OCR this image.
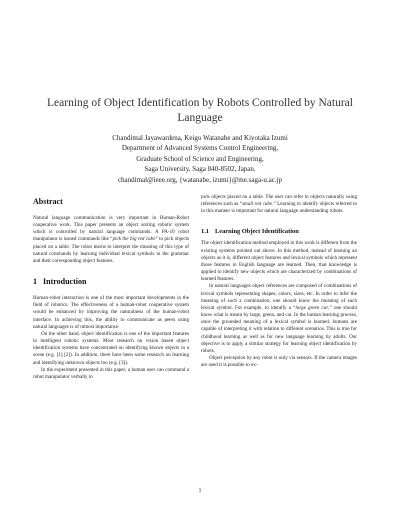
Learning of Object Identification by Robots Controlled by Natural Language
Chandimal Jayawardena, Keigo Watanabe and Kiyotaka Izumi
Department of Advanced Systems Control Engineering,
Graduate School of Science and Engineering,
Saga University, Saga 840-8502, Japan.
chandimal@ieee.org, {watanabe, izumi}@me.saga-u.ac.jp
Abstract

Natural language communication is very important in Human-Robot cooperative work. This paper presents an object sorting robotic system which is controlled by natural language commands. A PA-10 robot manipulator is issued commands like “pick the big red cube” to pick objects placed on a table. The robot learns to interpret the meaning of this type of natural commands by learning individual lexical symbols in the grammar and their corresponding object features.

1 Introduction

Human-robot interaction is one of the most important developments in the field of robotics. The effectiveness of a human-robot cooperative system would be enhanced by improving the naturalness of the human-robot interface. In achieving this, the ability to communicate as peers using natural languages is of utmost importance.

On the other hand, object identification is one of the important features in intelligent robotic systems. Most research on vision based object identification systems have concentrated on identifying known objects in a scene (e.g. [1] [2]). In addition, there have been some research on learning and identifying unknown objects too (e.g. [3]).

In the experiment presented in this paper, a human user can command a robot manipulator verbally to

pick objects placed on a table. The user can refer to objects naturally using references such as “small red cube.” Learning to identify objects referred to in this manner is important for natural language understanding robots.

1.1 Learning Object Identification

The object identification method employed in this work is different from the existing systems pointed out above. In this method, instead of learning an objects as it is, different object features and lexical symbols which represent those features in English language are learned. Then, that knowledge is applied to identify new objects which are characterized by combinations of learned features.

In natural languages object references are composed of combinations of lexical symbols representing shapes, colors, sizes, etc. In order to infer the meaning of such a combination, one should know the meaning of each lexical symbol. For example, to identify a “large green car,” one should know what is meant by large, green, and car. In the human learning process, once the grounded meaning of a lexical symbol is learned, humans are capable of interpreting it with relation to different scenarios. This is true for childhood learning as well as for new language learning by adults. Our objective is to apply a similar strategy for learning object identification by robots.

Object perception by any robot is only via sensors. If the camera images are used it is possible to ex-

1
